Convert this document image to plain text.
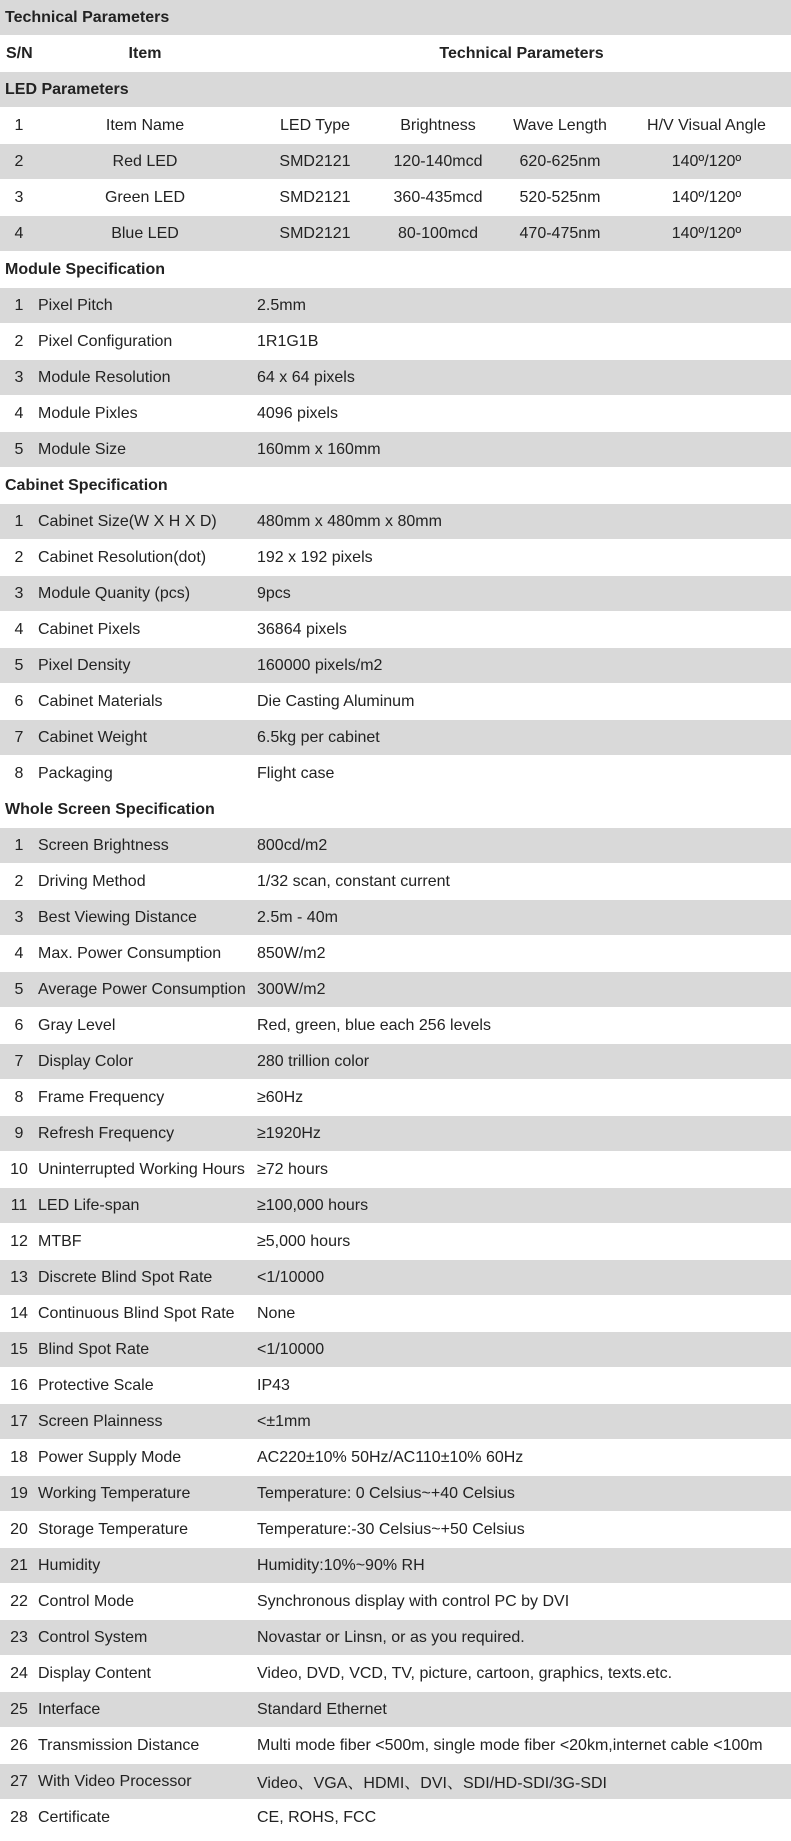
Technical Parameters
S/N	Item	Technical Parameters
LED Parameters
1	Item Name	LED Type	Brightness	Wave Length	H/V Visual Angle
2	Red LED	SMD2121	120-140mcd	620-625nm	140º/120º
3	Green LED	SMD2121	360-435mcd	520-525nm	140º/120º
4	Blue LED	SMD2121	80-100mcd	470-475nm	140º/120º
Module Specification
1 Pixel Pitch	2.5mm
2 Pixel Configuration	1R1G1B
3 Module Resolution	64 x 64 pixels
4 Module Pixles	4096 pixels
5 Module Size	160mm x 160mm
Cabinet Specification
1 Cabinet Size(W X H X D)	480mm x 480mm x 80mm
2 Cabinet Resolution(dot)	192 x 192 pixels
3 Module Quanity (pcs)	9pcs
4 Cabinet Pixels	36864 pixels
5 Pixel Density	160000 pixels/m2
6 Cabinet Materials	Die Casting Aluminum
7 Cabinet Weight	6.5kg per cabinet
8 Packaging	Flight case
Whole Screen Specification
1 Screen Brightness	800cd/m2
2 Driving Method	1/32 scan, constant current
3 Best Viewing Distance	2.5m - 40m
4 Max. Power Consumption	850W/m2
5 Average Power Consumption 300W/m2
6 Gray Level	Red, green, blue each 256 levels
7 Display Color	280 trillion color
8 Frame Frequency	≥60Hz
9 Refresh Frequency	≥1920Hz
10 Uninterrupted Working Hours ≥72 hours
11 LED Life-span	≥100,000 hours
12 MTBF	≥5,000 hours
13 Discrete Blind Spot Rate	<1/10000
14 Continuous Blind Spot Rate	None
15 Blind Spot Rate	<1/10000
16 Protective Scale	IP43
17 Screen Plainness	<±1mm
18 Power Supply Mode	AC220±10% 50Hz/AC110±10% 60Hz
19 Working Temperature	Temperature: 0 Celsius~+40 Celsius
20 Storage Temperature	Temperature:-30 Celsius~+50 Celsius
21 Humidity	Humidity:10%~90% RH
22 Control Mode	Synchronous display with control PC by DVI
23 Control System	Novastar or Linsn, or as you required.
24 Display Content	Video, DVD, VCD, TV, picture, cartoon, graphics, texts.etc.
25 Interface	Standard Ethernet
26 Transmission Distance	Multi mode fiber <500m, single mode fiber <20km,internet cable <100m
27 With Video Processor	Video、VGA、HDMI、DVI、SDI/HD-SDI/3G-SDI
28 Certificate	CE, ROHS, FCC
